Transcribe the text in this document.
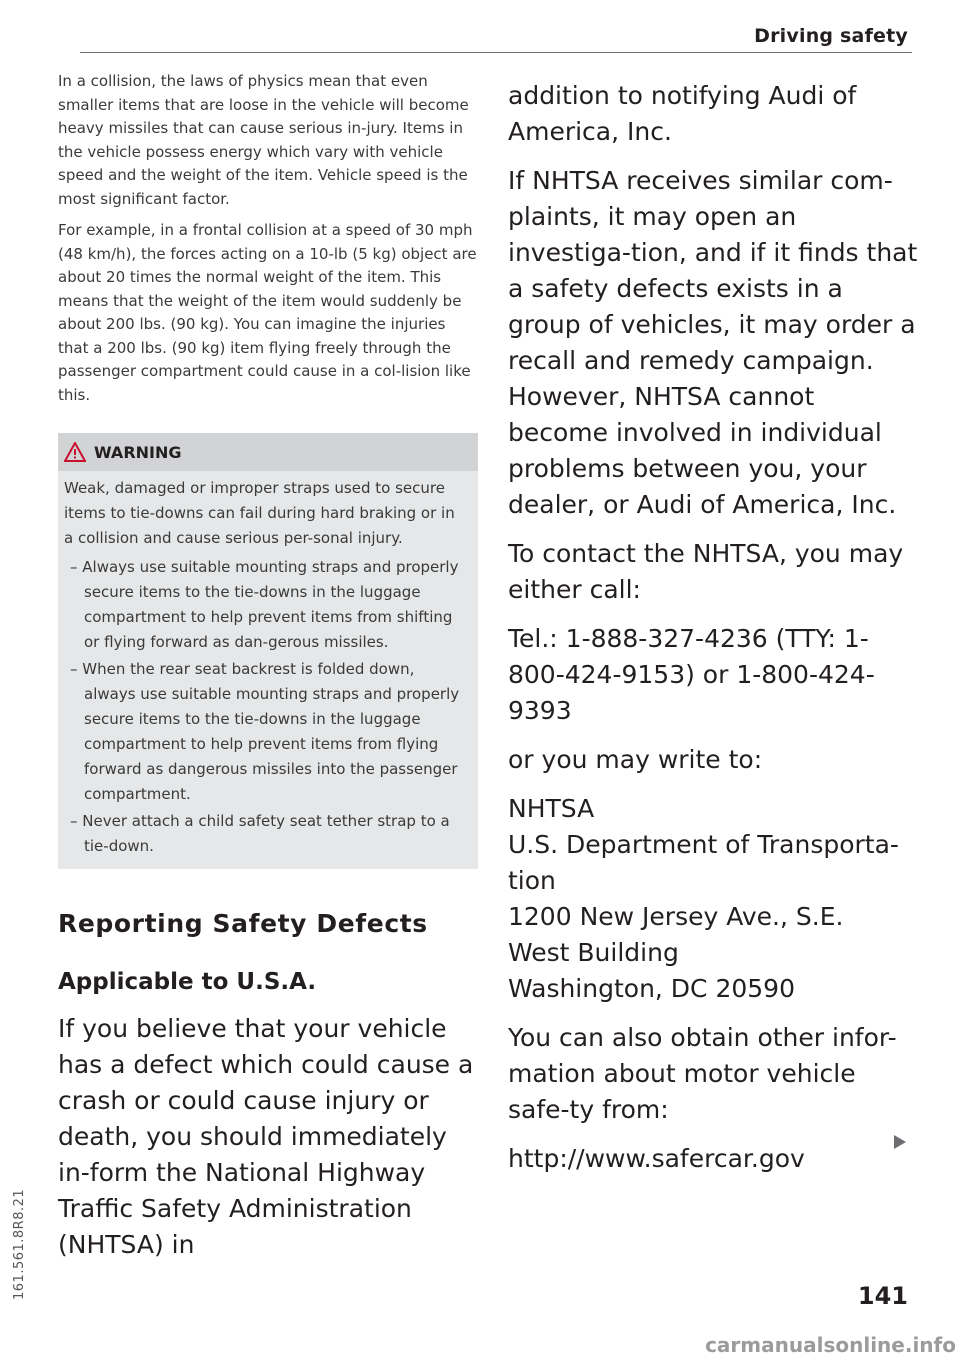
Driving safety

In a collision, the laws of physics mean that even smaller items that are loose in the vehicle will become heavy missiles that can cause serious in-jury. Items in the vehicle possess energy which vary with vehicle speed and the weight of the item. Vehicle speed is the most significant factor.

For example, in a frontal collision at a speed of 30 mph (48 km/h), the forces acting on a 10-lb (5 kg) object are about 20 times the normal weight of the item. This means that the weight of the item would suddenly be about 200 lbs. (90 kg). You can imagine the injuries that a 200 lbs. (90 kg) item flying freely through the passenger compartment could cause in a col-lision like this.

WARNING

Weak, damaged or improper straps used to secure items to tie-downs can fail during hard braking or in a collision and cause serious per-sonal injury.

– Always use suitable mounting straps and properly secure items to the tie-downs in the luggage compartment to help prevent items from shifting or flying forward as dan-gerous missiles.
– When the rear seat backrest is folded down, always use suitable mounting straps and properly secure items to the tie-downs in the luggage compartment to help prevent items from flying forward as dangerous missiles into the passenger compartment.
– Never attach a child safety seat tether strap to a tie-down.
Reporting Safety Defects
Applicable to U.S.A.

If you believe that your vehicle has a defect which could cause a crash or could cause injury or death, you should immediately in-form the National Highway Traffic Safety Administration (NHTSA) in

addition to notifying Audi of America, Inc.

If NHTSA receives similar com-plaints, it may open an investiga-tion, and if it finds that a safety defects exists in a group of vehicles, it may order a recall and remedy campaign. However, NHTSA cannot become involved in individual problems between you, your dealer, or Audi of America, Inc.

To contact the NHTSA, you may either call:

Tel.: 1-888-327-4236 (TTY: 1-800-424-9153) or 1-800-424-9393

or you may write to:

NHTSA

U.S. Department of Transporta-tion

1200 New Jersey Ave., S.E.

West Building

Washington, DC 20590

You can also obtain other infor-mation about motor vehicle safe-ty from:

http://www.safercar.gov

141
161.561.8R8.21
carmanualsonline.info
